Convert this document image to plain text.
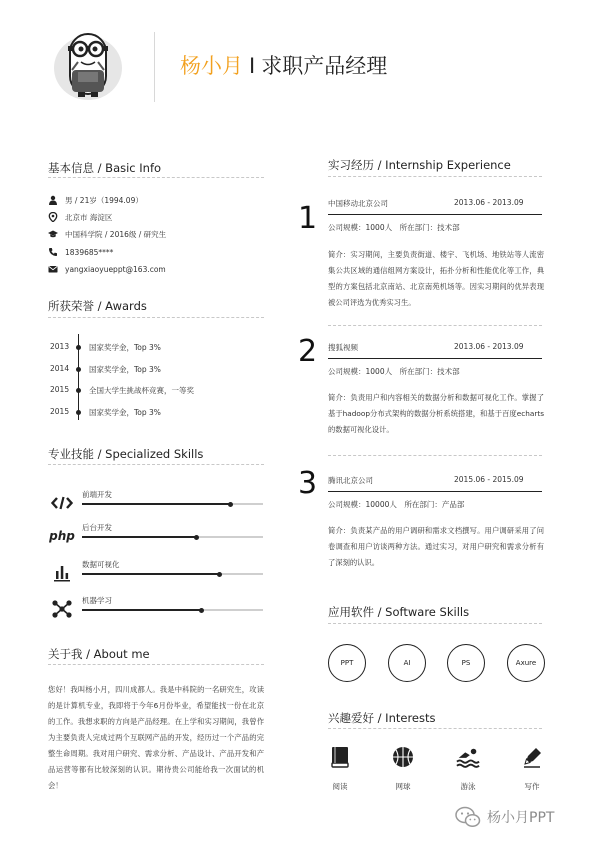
杨小月 I 求职产品经理
基本信息 / Basic Info
男 / 21岁（1994.09）
北京市 海淀区
中国科学院 / 2016级 / 研究生
1839685****
yangxiaoyueppt@163.com
所获荣誉 / Awards
2013	国家奖学金，Top 3%
2014	国家奖学金，Top 3%
2015	全国大学生挑战杯竞赛，一等奖
2015	国家奖学金，Top 3%
专业技能 / Specialized Skills
前端开发
php
后台开发
数据可视化
机器学习
关于我 / About me
您好！我叫杨小月，四川成都人。我是中科院的一名研究生，攻读的是计算机专业，我即将于今年6月份毕业，希望能找一份在北京的工作。我想求职的方向是产品经理。在上学和实习期间，我曾作为主要负责人完成过两个互联网产品的开发，经历过一个产品的完整生命周期。我对用户研究、需求分析、产品设计、产品开发和产品运营等都有比较深刻的认识。期待贵公司能给我一次面试的机会！
实习经历 / Internship Experience
1 中国移动北京公司	2013.06 - 2013.09
公司规模：1000人　所在部门：技术部
简介：实习期间，主要负责街道、楼宇、飞机场、地铁站等人流密集公共区域的通信组网方案设计，拓扑分析和性能优化等工作，典型的方案包括北京南站、北京南苑机场等。因实习期间的优异表现被公司评选为优秀实习生。
2 搜狐视频	2013.06 - 2013.09
公司规模：1000人　所在部门：技术部
简介：负责用户和内容相关的数据分析和数据可视化工作。掌握了基于hadoop分布式架构的数据分析系统搭建，和基于百度echarts的数据可视化设计。
3 腾讯北京公司	2015.06 - 2015.09
公司规模：10000人　所在部门：产品部
简介：负责某产品的用户调研和需求文档撰写。用户调研采用了问卷调查和用户访谈两种方法。通过实习，对用户研究和需求分析有了深刻的认识。
应用软件 / Software Skills
PPT	AI	PS	Axure
兴趣爱好 / Interests
阅读	网球	游泳	写作
杨小月PPT
